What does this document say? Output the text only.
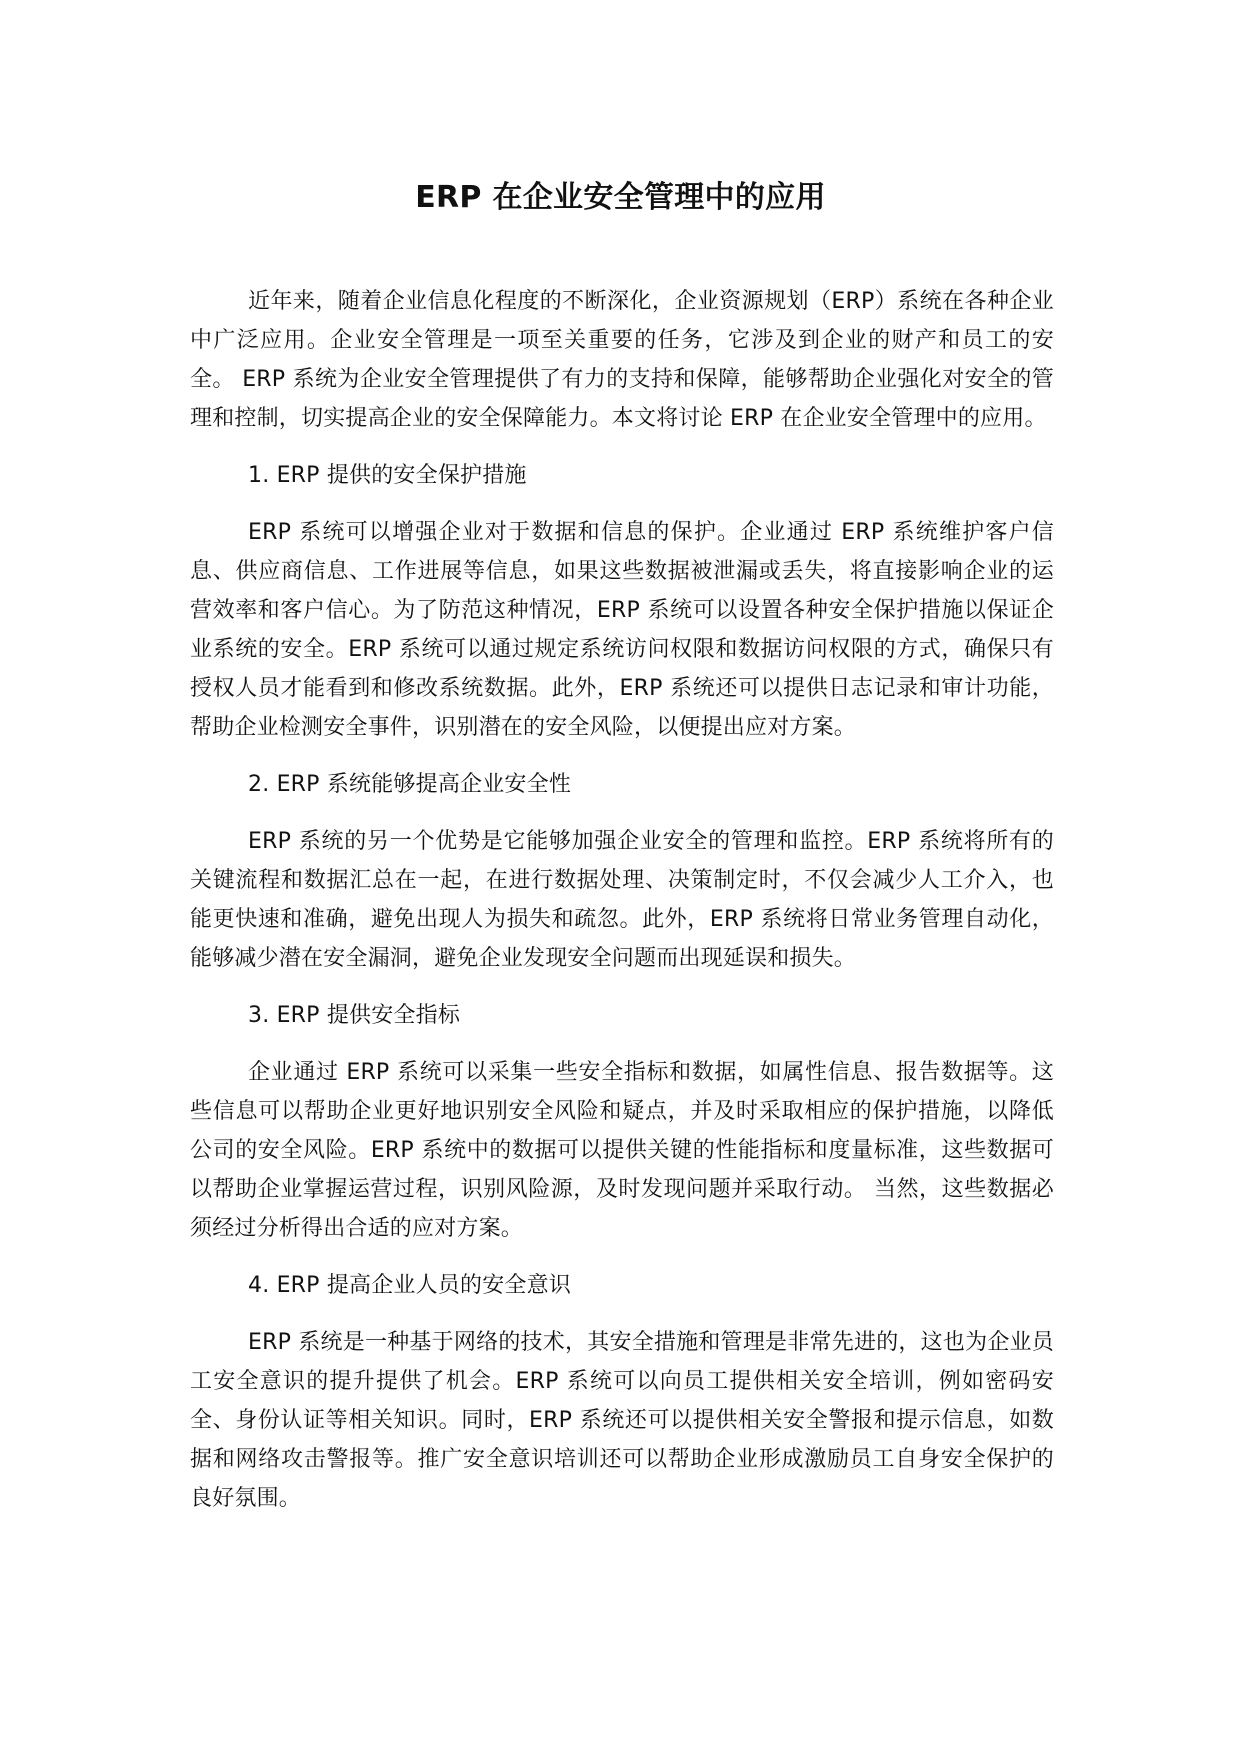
ERP 在企业安全管理中的应用

近年来，随着企业信息化程度的不断深化，企业资源规划（ERP）系统在各种企业中广泛应用。企业安全管理是一项至关重要的任务，它涉及到企业的财产和员工的安全。 ERP 系统为企业安全管理提供了有力的支持和保障，能够帮助企业强化对安全的管理和控制，切实提高企业的安全保障能力。本文将讨论 ERP 在企业安全管理中的应用。

1. ERP 提供的安全保护措施

ERP 系统可以增强企业对于数据和信息的保护。企业通过 ERP 系统维护客户信息、供应商信息、工作进展等信息，如果这些数据被泄漏或丢失，将直接影响企业的运营效率和客户信心。为了防范这种情况，ERP 系统可以设置各种安全保护措施以保证企业系统的安全。ERP 系统可以通过规定系统访问权限和数据访问权限的方式，确保只有授权人员才能看到和修改系统数据。此外，ERP 系统还可以提供日志记录和审计功能，帮助企业检测安全事件，识别潜在的安全风险，以便提出应对方案。

2. ERP 系统能够提高企业安全性

ERP 系统的另一个优势是它能够加强企业安全的管理和监控。ERP 系统将所有的关键流程和数据汇总在一起，在进行数据处理、决策制定时，不仅会减少人工介入，也能更快速和准确，避免出现人为损失和疏忽。此外，ERP 系统将日常业务管理自动化，能够减少潜在安全漏洞，避免企业发现安全问题而出现延误和损失。

3. ERP 提供安全指标

企业通过 ERP 系统可以采集一些安全指标和数据，如属性信息、报告数据等。这些信息可以帮助企业更好地识别安全风险和疑点，并及时采取相应的保护措施，以降低公司的安全风险。ERP 系统中的数据可以提供关键的性能指标和度量标准，这些数据可以帮助企业掌握运营过程，识别风险源，及时发现问题并采取行动。 当然，这些数据必须经过分析得出合适的应对方案。

4. ERP 提高企业人员的安全意识

ERP 系统是一种基于网络的技术，其安全措施和管理是非常先进的，这也为企业员工安全意识的提升提供了机会。ERP 系统可以向员工提供相关安全培训，例如密码安全、身份认证等相关知识。同时，ERP 系统还可以提供相关安全警报和提示信息，如数据和网络攻击警报等。推广安全意识培训还可以帮助企业形成激励员工自身安全保护的良好氛围。
